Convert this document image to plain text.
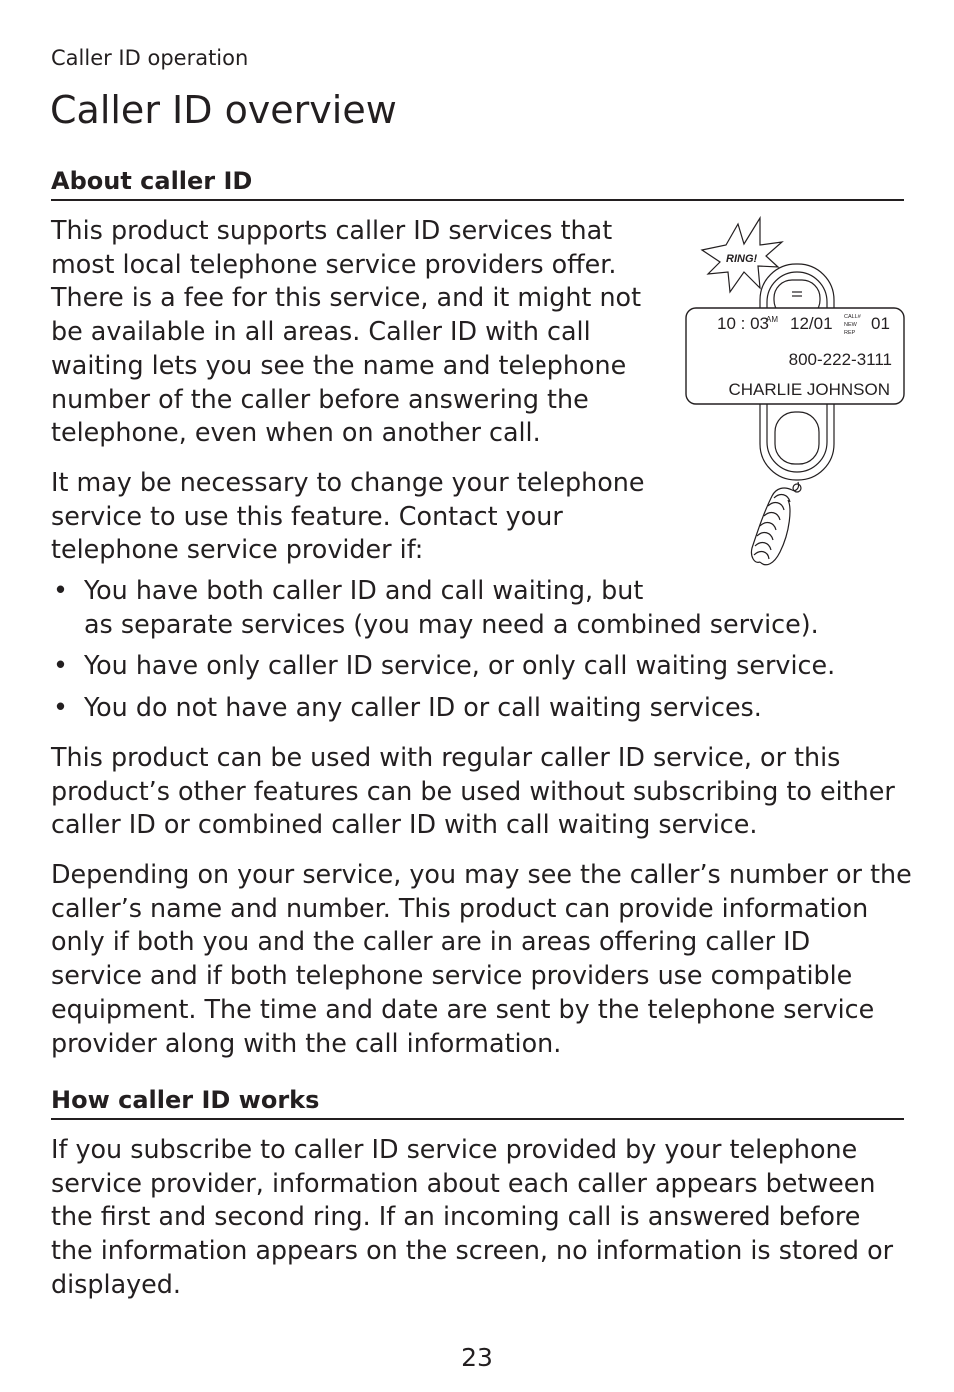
Caller ID operation
Caller ID overview
About caller ID
This product supports caller ID services that
most local telephone service providers offer.
There is a fee for this service, and it might not
be available in all areas. Caller ID with call
waiting lets you see the name and telephone
number of the caller before answering the
telephone, even when on another call.
It may be necessary to change your telephone
service to use this feature. Contact your
telephone service provider if:
• You have both caller ID and call waiting, but
as separate services (you may need a combined service).
• You have only caller ID service, or only call waiting service.
• You do not have any caller ID or call waiting services.
This product can be used with regular caller ID service, or this
product’s other features can be used without subscribing to either
caller ID or combined caller ID with call waiting service.
Depending on your service, you may see the caller’s number or the
caller’s name and number. This product can provide information
only if both you and the caller are in areas offering caller ID
service and if both telephone service providers use compatible
equipment. The time and date are sent by the telephone service
provider along with the call information.
How caller ID works
If you subscribe to caller ID service provided by your telephone
service provider, information about each caller appears between
the first and second ring. If an incoming call is answered before
the information appears on the screen, no information is stored or
displayed.
RING!
10 : 03
AM 12/01 CALL#
NEW
REP 01
800-222-3111
CHARLIE JOHNSON
23
